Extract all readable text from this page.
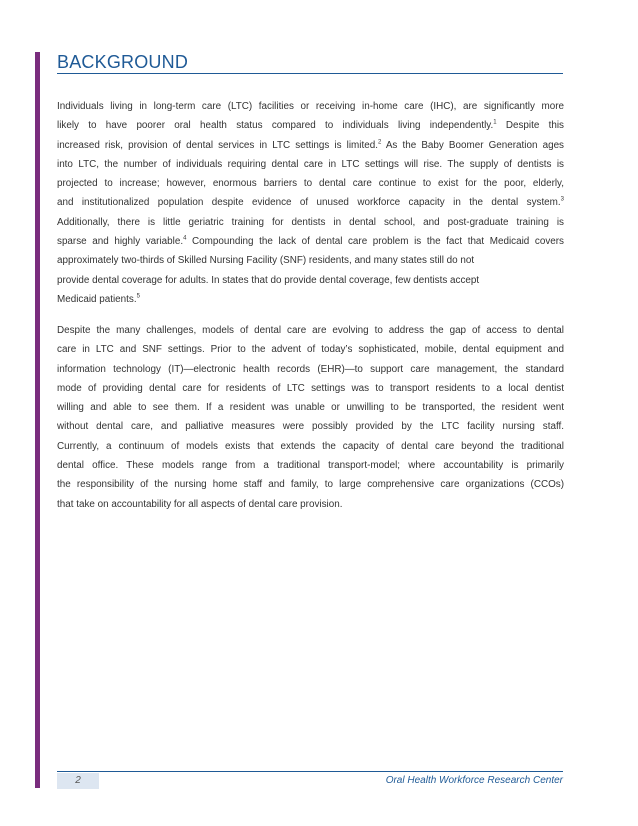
BACKGROUND
Individuals living in long-term care (LTC) facilities or receiving in-home care (IHC), are significantly more
likely to have poorer oral health status compared to individuals living independently.$^1$ Despite this
increased risk, provision of dental services in LTC settings is limited.$^2$ As the Baby Boomer Generation ages
into LTC, the number of individuals requiring dental care in LTC settings will rise. The supply of dentists is
projected to increase; however, enormous barriers to dental care continue to exist for the poor, elderly,
and institutionalized population despite evidence of unused workforce capacity in the dental system.$^3$
Additionally, there is little geriatric training for dentists in dental school, and post-graduate training is
sparse and highly variable.$^4$ Compounding the lack of dental care problem is the fact that Medicaid covers
approximately two-thirds of Skilled Nursing Facility (SNF) residents, and many states still do not
provide dental coverage for adults. In states that do provide dental coverage, few dentists accept
Medicaid patients.$^5$
Despite the many challenges, models of dental care are evolving to address the gap of access to dental
care in LTC and SNF settings. Prior to the advent of today’s sophisticated, mobile, dental equipment and
information technology (IT)—electronic health records (EHR)—to support care management, the standard
mode of providing dental care for residents of LTC settings was to transport residents to a local dentist
willing and able to see them. If a resident was unable or unwilling to be transported, the resident went
without dental care, and palliative measures were possibly provided by the LTC facility nursing staff.
Currently, a continuum of models exists that extends the capacity of dental care beyond the traditional
dental office. These models range from a traditional transport-model; where accountability is primarily
the responsibility of the nursing home staff and family, to large comprehensive care organizations (CCOs)
that take on accountability for all aspects of dental care provision.
2	Oral Health Workforce Research Center
